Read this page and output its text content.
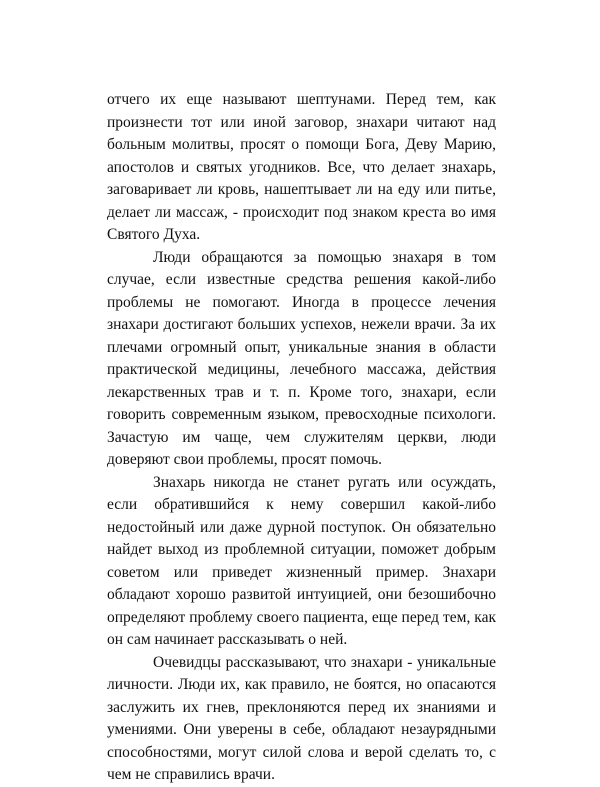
отчего их еще называют шептунами. Перед тем, как
произнести тот или иной заговор, знахари читают над
больным молитвы, просят о помощи Бога, Деву Марию,
апостолов и святых угодников. Все, что делает знахарь,
заговаривает ли кровь, нашептывает ли на еду или питье,
делает ли массаж, - происходит под знаком креста во имя
Святого Духа.
Люди обращаются за помощью знахаря в том
случае, если известные средства решения какой-либо
проблемы не помогают. Иногда в процессе лечения
знахари достигают больших успехов, нежели врачи. За их
плечами огромный опыт, уникальные знания в области
практической медицины, лечебного массажа, действия
лекарственных трав и т. п. Кроме того, знахари, если
говорить современным языком, превосходные психологи.
Зачастую им чаще, чем служителям церкви, люди
доверяют свои проблемы, просят помочь.
Знахарь никогда не станет ругать или осуждать,
если обратившийся к нему совершил какой-либо
недостойный или даже дурной поступок. Он обязательно
найдет выход из проблемной ситуации, поможет добрым
советом или приведет жизненный пример. Знахари
обладают хорошо развитой интуицией, они безошибочно
определяют проблему своего пациента, еще перед тем, как
он сам начинает рассказывать о ней.
Очевидцы рассказывают, что знахари - уникальные
личности. Люди их, как правило, не боятся, но опасаются
заслужить их гнев, преклоняются перед их знаниями и
умениями. Они уверены в себе, обладают незаурядными
способностями, могут силой слова и верой сделать то, с
чем не справились врачи.
